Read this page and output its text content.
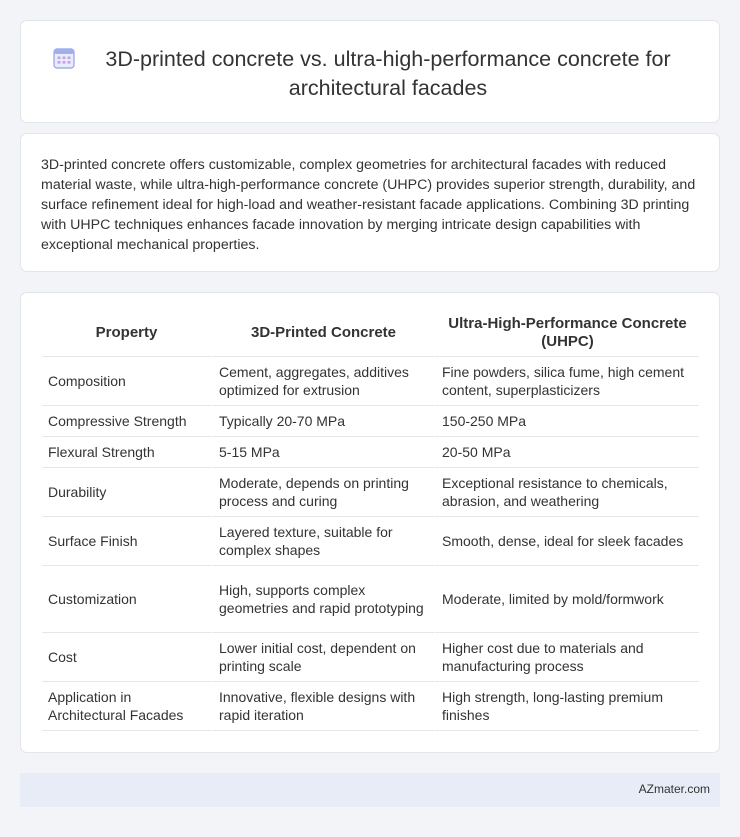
3D-printed concrete vs. ultra-high-performance concrete for architectural facades

3D-printed concrete offers customizable, complex geometries for architectural facades with reduced material waste, while ultra-high-performance concrete (UHPC) provides superior strength, durability, and surface refinement ideal for high-load and weather-resistant facade applications. Combining 3D printing with UHPC techniques enhances facade innovation by merging intricate design capabilities with exceptional mechanical properties.

Property	3D-Printed Concrete	Ultra-High-Performance Concrete (UHPC)
Composition	Cement, aggregates, additives optimized for extrusion	Fine powders, silica fume, high cement content, superplasticizers
Compressive Strength	Typically 20-70 MPa	150-250 MPa
Flexural Strength	5-15 MPa	20-50 MPa
Durability	Moderate, depends on printing process and curing	Exceptional resistance to chemicals, abrasion, and weathering
Surface Finish	Layered texture, suitable for complex shapes	Smooth, dense, ideal for sleek facades
Customization	High, supports complex geometries and rapid prototyping	Moderate, limited by mold/formwork
Cost	Lower initial cost, dependent on printing scale	Higher cost due to materials and manufacturing process
Application in Architectural Facades	Innovative, flexible designs with rapid iteration	High strength, long-lasting premium finishes
AZmater.com
